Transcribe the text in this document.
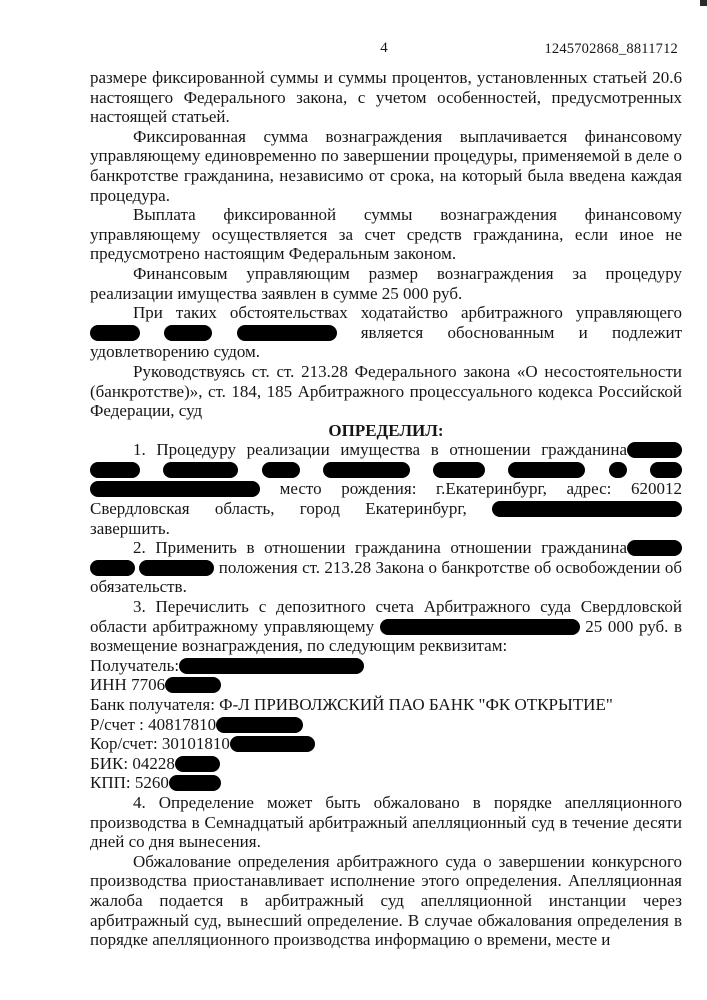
4	1245702868_8811712

размере фиксированной суммы и суммы процентов, установленных статьей 20.6 настоящего Федерального закона, с учетом особенностей, предусмотренных настоящей статьей.

Фиксированная сумма вознаграждения выплачивается финансовому управляющему единовременно по завершении процедуры, применяемой в деле о банкротстве гражданина, независимо от срока, на который была введена каждая процедура.

Выплата фиксированной суммы вознаграждения финансовому управляющему осуществляется за счет средств гражданина, если иное не предусмотрено настоящим Федеральным законом.

Финансовым управляющим размер вознаграждения за процедуру реализации имущества заявлен в сумме 25 000 руб.

При таких обстоятельствах ходатайство арбитражного управляющего    является обоснованным и подлежит удовлетворению судом.

Руководствуясь ст. ст. 213.28 Федерального закона «О несостоятельности (банкротстве)», ст. 184, 185 Арбитражного процессуального кодекса Российской Федерации, суд

ОПРЕДЕЛИЛ:

1. Процедуру реализации имущества в отношении гражданина          место рождения: г.Екатеринбург, адрес: 620012 Свердловская область, город Екатеринбург,  завершить.

2. Применить в отношении гражданина отношении гражданина   положения ст. 213.28 Закона о банкротстве об освобождении об обязательств.

3. Перечислить с депозитного счета Арбитражного суда Свердловской области арбитражному управляющему	25 000 руб. в возмещение вознаграждения, по следующим реквизитам:

Получатель:

ИНН 7706

Банк получателя: Ф-Л ПРИВОЛЖСКИЙ ПАО БАНК "ФК ОТКРЫТИЕ"

Р/счет : 40817810

Кор/счет: 30101810

БИК: 04228

КПП: 5260

4. Определение может быть обжаловано в порядке апелляционного производства в Семнадцатый арбитражный апелляционный суд в течение десяти дней со дня вынесения.

Обжалование определения арбитражного суда о завершении конкурсного производства приостанавливает исполнение этого определения. Апелляционная жалоба подается в арбитражный суд апелляционной инстанции через арбитражный суд, вынесший определение. В случае обжалования определения в порядке апелляционного производства информацию о времени, месте и
